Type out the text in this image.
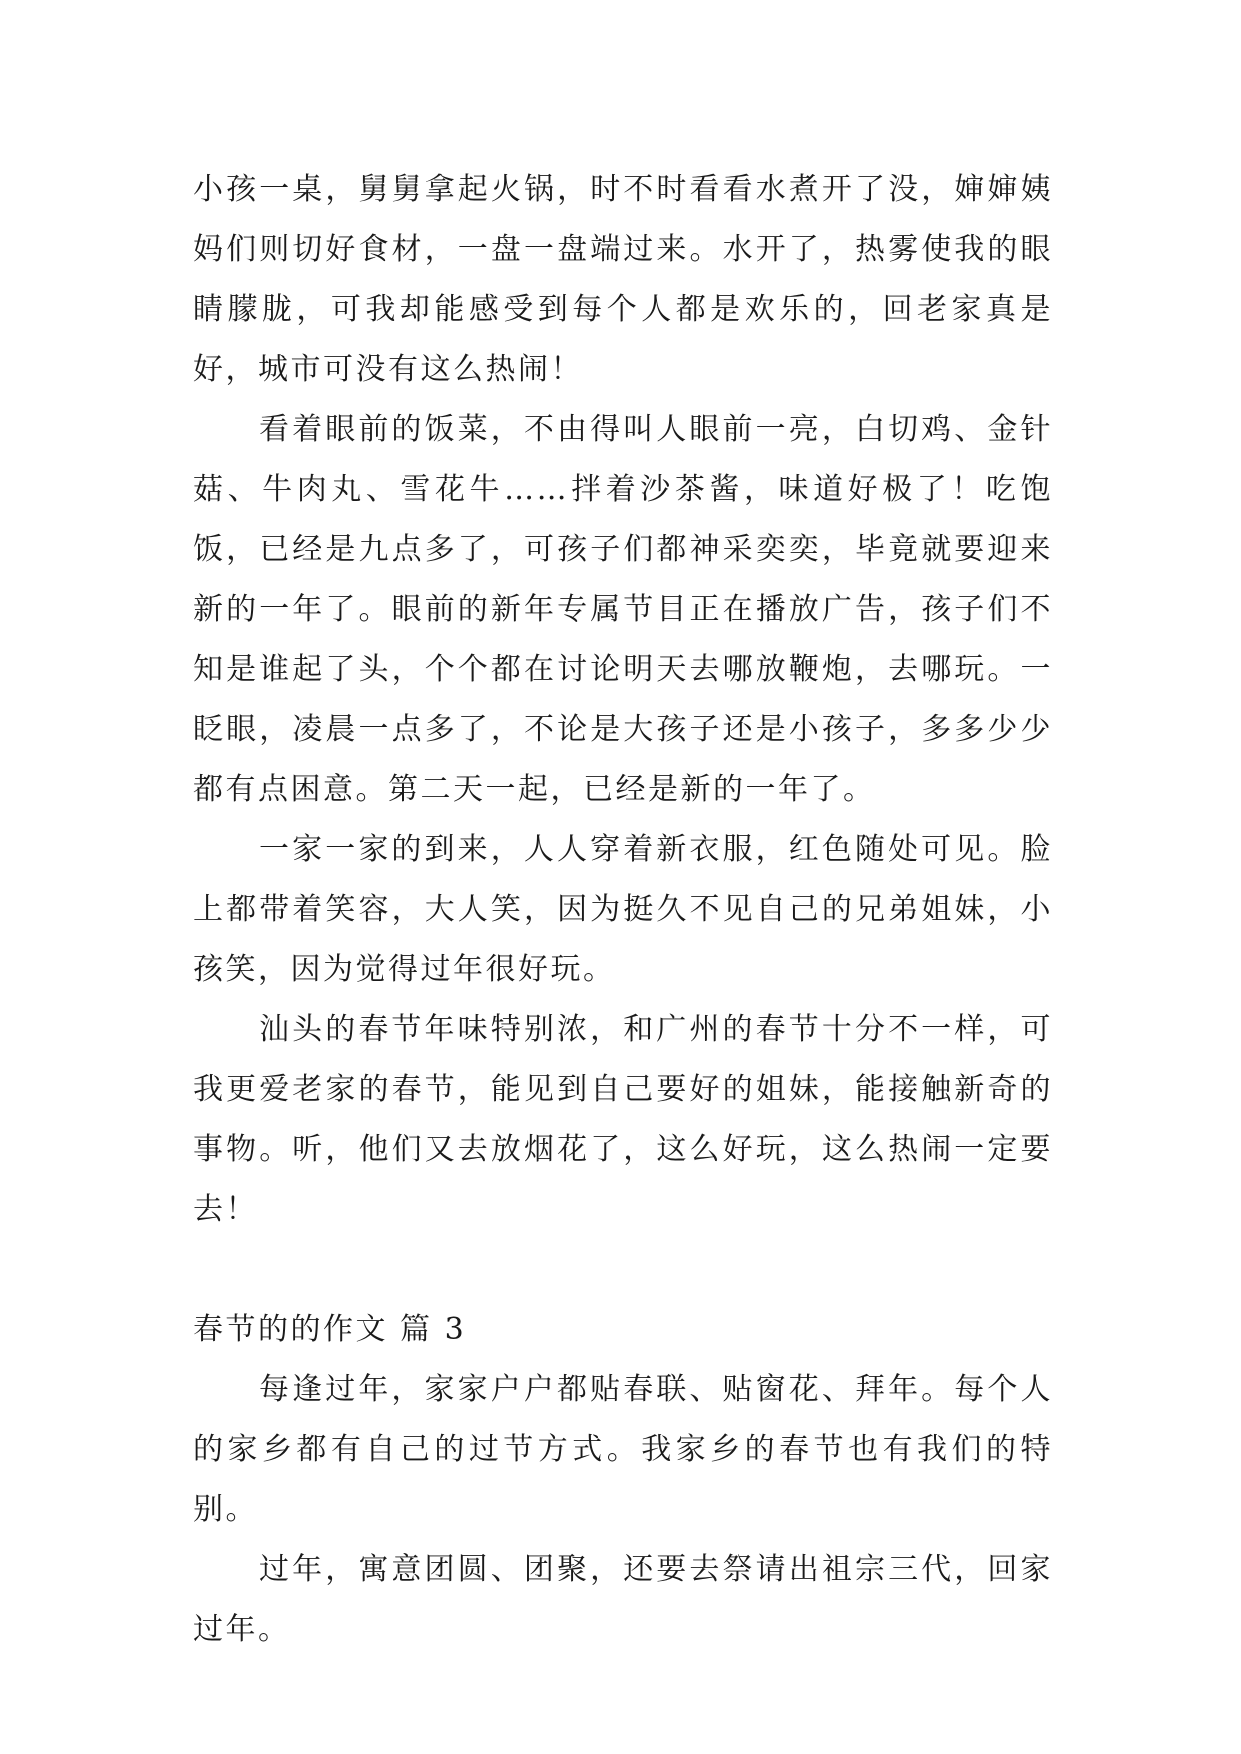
小孩一桌，舅舅拿起火锅，时不时看看水煮开了没，婶婶姨妈们则切好食材，一盘一盘端过来。水开了，热雾使我的眼睛朦胧，可我却能感受到每个人都是欢乐的，回老家真是好，城市可没有这么热闹！

看着眼前的饭菜，不由得叫人眼前一亮，白切鸡、金针菇、牛肉丸、雪花牛……拌着沙茶酱，味道好极了！吃饱饭，已经是九点多了，可孩子们都神采奕奕，毕竟就要迎来新的一年了。眼前的新年专属节目正在播放广告，孩子们不知是谁起了头，个个都在讨论明天去哪放鞭炮，去哪玩。一眨眼，凌晨一点多了，不论是大孩子还是小孩子，多多少少都有点困意。第二天一起，已经是新的一年了。

一家一家的到来，人人穿着新衣服，红色随处可见。脸上都带着笑容，大人笑，因为挺久不见自己的兄弟姐妹，小孩笑，因为觉得过年很好玩。

汕头的春节年味特别浓，和广州的春节十分不一样，可我更爱老家的春节，能见到自己要好的姐妹，能接触新奇的事物。听，他们又去放烟花了，这么好玩，这么热闹一定要去！

春节的的作文 篇 3

每逢过年，家家户户都贴春联、贴窗花、拜年。每个人的家乡都有自己的过节方式。我家乡的春节也有我们的特别。

过年，寓意团圆、团聚，还要去祭请出祖宗三代，回家过年。
